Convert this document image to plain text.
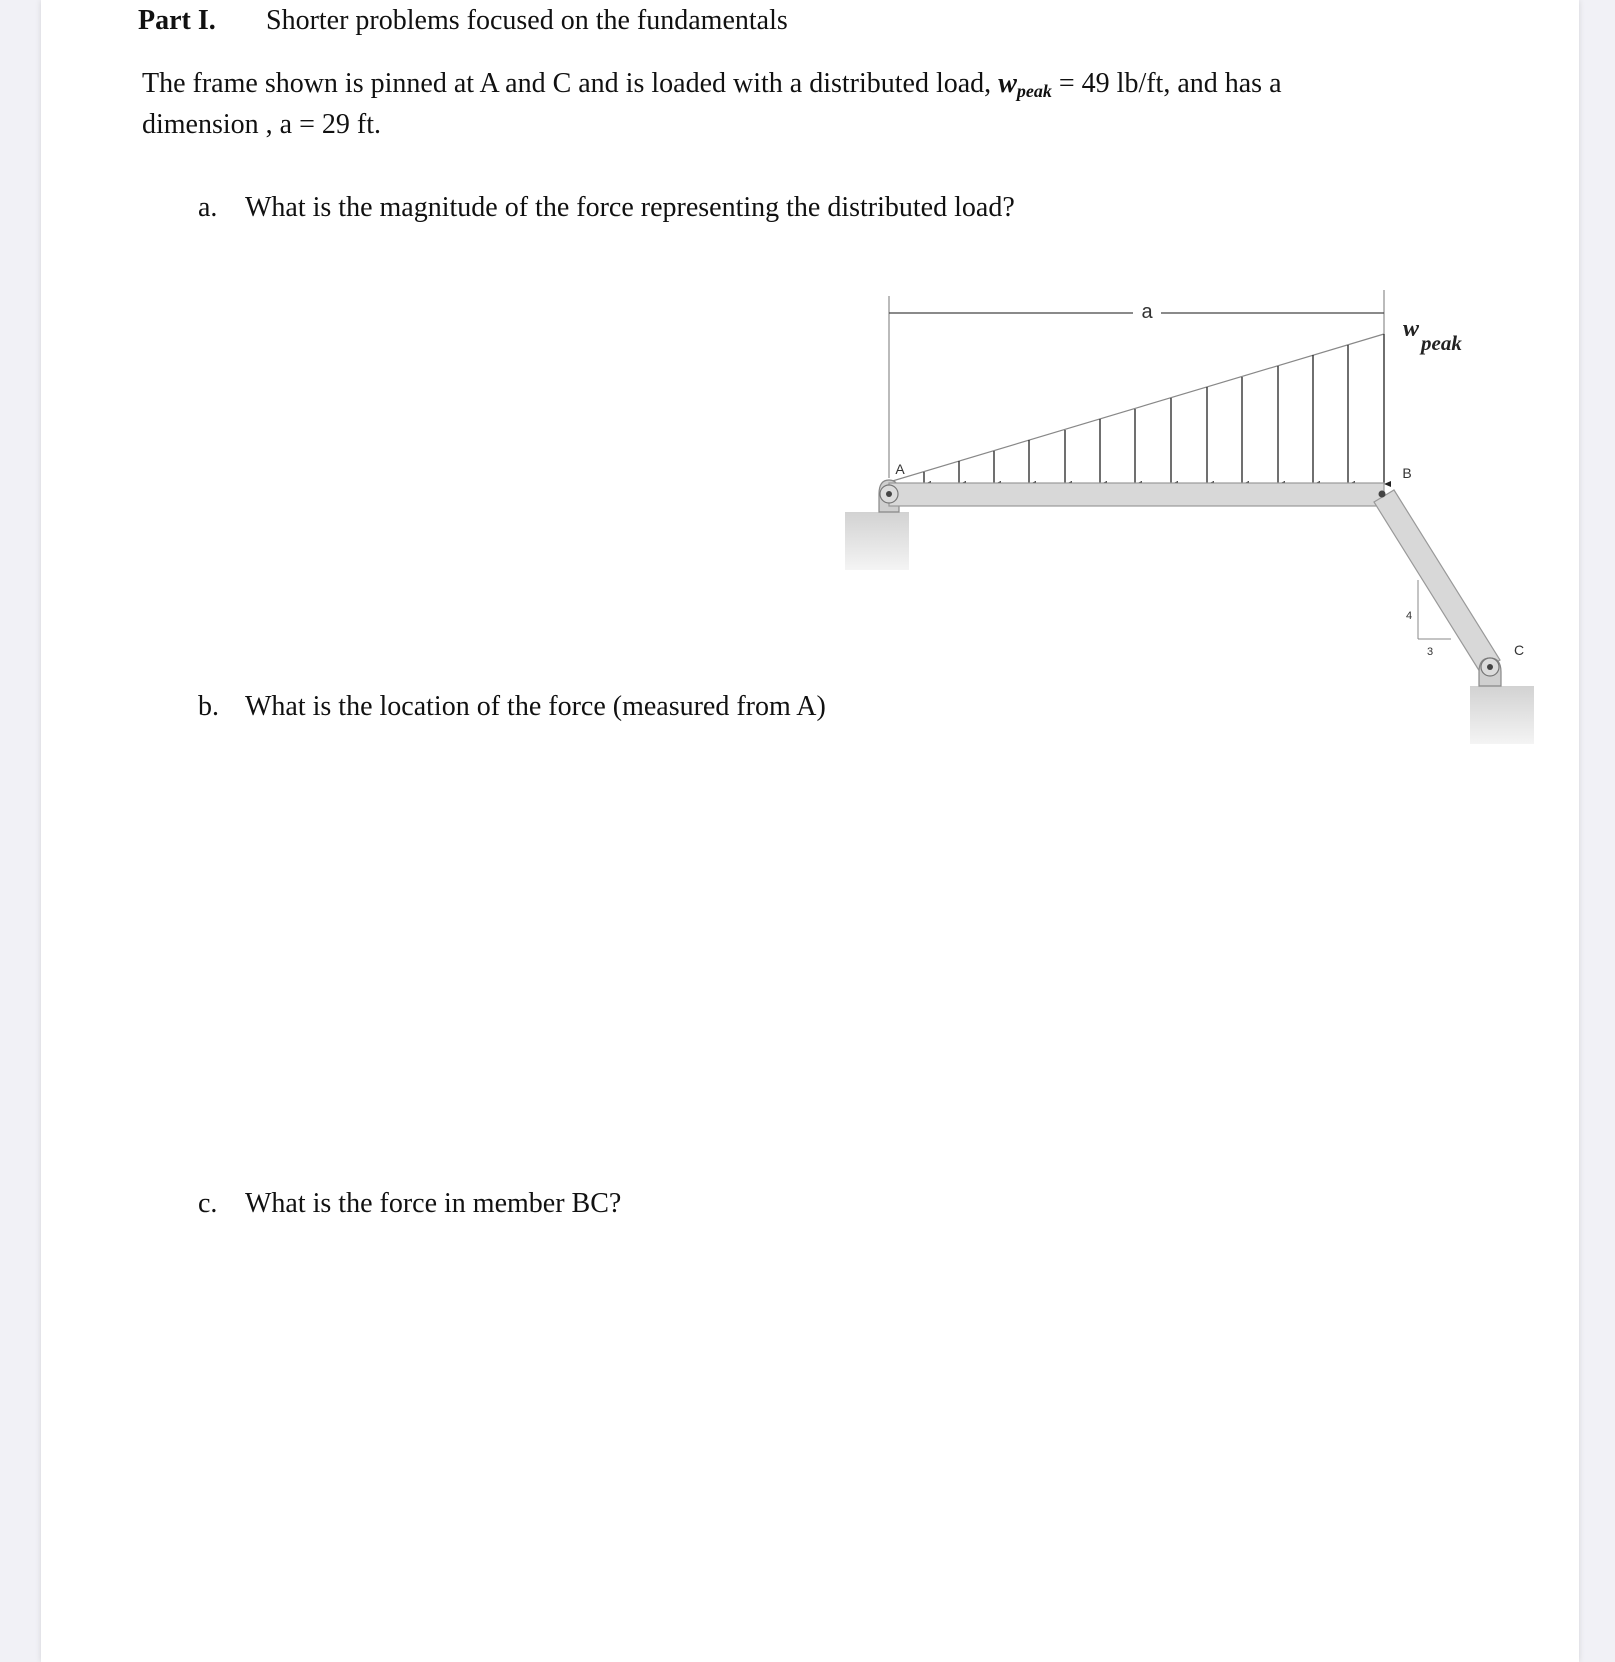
Part I. Shorter problems focused on the fundamentals
The frame shown is pinned at A and C and is loaded with a distributed load, wpeak = 49 lb/ft, and has a
dimension , a = 29 ft.
a. What is the magnitude of the force representing the distributed load?
b. What is the location of the force (measured from A)
c. What is the force in member BC?
a
wpeak
4
3
A	B
C
